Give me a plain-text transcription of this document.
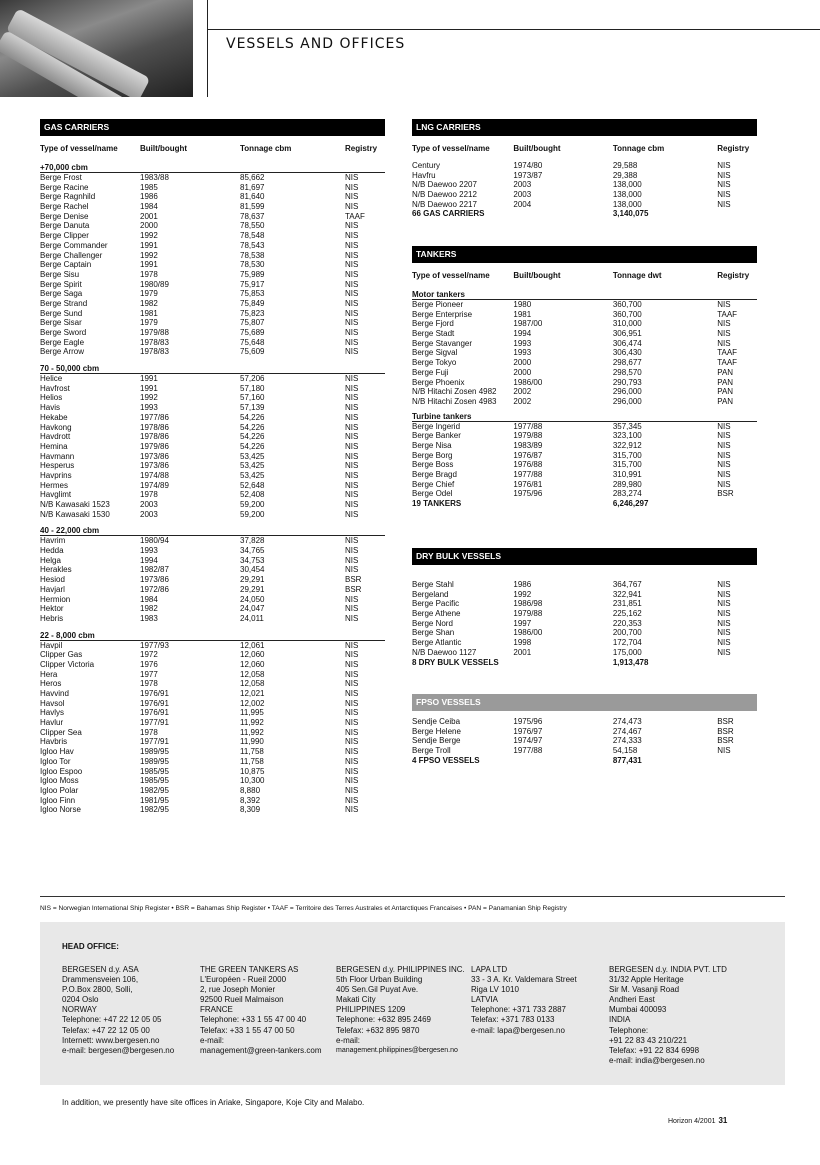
VESSELS AND OFFICES
GAS CARRIERS
Type of vessel/name	Built/bought	Tonnage cbm	Registry
+70,000 cbm
Berge Frost	1983/88	85,662	NIS
Berge Racine	1985	81,697	NIS
Berge Ragnhild	1986	81,640	NIS
Berge Rachel	1984	81,599	NIS
Berge Denise	2001	78,637	TAAF
Berge Danuta	2000	78,550	NIS
Berge Clipper	1992	78,548	NIS
Berge Commander	1991	78,543	NIS
Berge Challenger	1992	78,538	NIS
Berge Captain	1991	78,530	NIS
Berge Sisu	1978	75,989	NIS
Berge Spirit	1980/89	75,917	NIS
Berge Saga	1979	75,853	NIS
Berge Strand	1982	75,849	NIS
Berge Sund	1981	75,823	NIS
Berge Sisar	1979	75,807	NIS
Berge Sword	1979/88	75,689	NIS
Berge Eagle	1978/83	75,648	NIS
Berge Arrow	1978/83	75,609	NIS
70 - 50,000 cbm
Helice	1991	57,206	NIS
Havfrost	1991	57,180	NIS
Helios	1992	57,160	NIS
Havis	1993	57,139	NIS
Hekabe	1977/86	54,226	NIS
Havkong	1978/86	54,226	NIS
Havdrott	1978/86	54,226	NIS
Hemina	1979/86	54,226	NIS
Havmann	1973/86	53,425	NIS
Hesperus	1973/86	53,425	NIS
Havprins	1974/88	53,425	NIS
Hermes	1974/89	52,648	NIS
Havglimt	1978	52,408	NIS
N/B Kawasaki 1523	2003	59,200	NIS
N/B Kawasaki 1530	2003	59,200	NIS
40 - 22,000 cbm
Havrim	1980/94	37,828	NIS
Hedda	1993	34,765	NIS
Helga	1994	34,753	NIS
Herakles	1982/87	30,454	NIS
Hesiod	1973/86	29,291	BSR
Havjarl	1972/86	29,291	BSR
Hermion	1984	24,050	NIS
Hektor	1982	24,047	NIS
Hebris	1983	24,011	NIS
22 - 8,000 cbm
Havpil	1977/93	12,061	NIS
Clipper Gas	1972	12,060	NIS
Clipper Victoria	1976	12,060	NIS
Hera	1977	12,058	NIS
Heros	1978	12,058	NIS
Havvind	1976/91	12,021	NIS
Havsol	1976/91	12,002	NIS
Havlys	1976/91	11,995	NIS
Havlur	1977/91	11,992	NIS
Clipper Sea	1978	11,992	NIS
Havbris	1977/91	11,990	NIS
Igloo Hav	1989/95	11,758	NIS
Igloo Tor	1989/95	11,758	NIS
Igloo Espoo	1985/95	10,875	NIS
Igloo Moss	1985/95	10,300	NIS
Igloo Polar	1982/95	8,880	NIS
Igloo Finn	1981/95	8,392	NIS
Igloo Norse	1982/95	8,309	NIS
LNG CARRIERS
Type of vessel/name	Built/bought	Tonnage cbm	Registry
Century	1974/80	29,588	NIS
Havfru	1973/87	29,388	NIS
N/B Daewoo 2207	2003	138,000	NIS
N/B Daewoo 2212	2003	138,000	NIS
N/B Daewoo 2217	2004	138,000	NIS
66 GAS CARRIERS	3,140,075
TANKERS
Type of vessel/name	Built/bought	Tonnage dwt	Registry
Motor tankers
Berge Pioneer	1980	360,700	NIS
Berge Enterprise	1981	360,700	TAAF
Berge Fjord	1987/00	310,000	NIS
Berge Stadt	1994	306,951	NIS
Berge Stavanger	1993	306,474	NIS
Berge Sigval	1993	306,430	TAAF
Berge Tokyo	2000	298,677	TAAF
Berge Fuji	2000	298,570	PAN
Berge Phoenix	1986/00	290,793	PAN
N/B Hitachi Zosen 4982	2002	296,000	PAN
N/B Hitachi Zosen 4983	2002	296,000	PAN
Turbine tankers
Berge Ingerid	1977/88	357,345	NIS
Berge Banker	1979/88	323,100	NIS
Berge Nisa	1983/89	322,912	NIS
Berge Borg	1976/87	315,700	NIS
Berge Boss	1976/88	315,700	NIS
Berge Bragd	1977/88	310,991	NIS
Berge Chief	1976/81	289,980	NIS
Berge Odel	1975/96	283,274	BSR
19 TANKERS	6,246,297
DRY BULK VESSELS
Berge Stahl	1986	364,767	NIS
Bergeland	1992	322,941	NIS
Berge Pacific	1986/98	231,851	NIS
Berge Athene	1979/88	225,162	NIS
Berge Nord	1997	220,353	NIS
Berge Shan	1986/00	200,700	NIS
Berge Atlantic	1998	172,704	NIS
N/B Daewoo 1127	2001	175,000	NIS
8 DRY BULK VESSELS	1,913,478
FPSO VESSELS
Sendje Ceiba	1975/96	274,473	BSR
Berge Helene	1976/97	274,467	BSR
Sendje Berge	1974/97	274,333	BSR
Berge Troll	1977/88	54,158	NIS
4 FPSO VESSELS	877,431
NIS = Norwegian International Ship Register • BSR = Bahamas Ship Register • TAAF = Territoire des Terres Australes et Antarctiques Francaises • PAN = Panamanian Ship Registry
HEAD OFFICE:
BERGESEN d.y. ASA
Drammensveien 106,
P.O.Box 2800, Solli,
0204 Oslo
NORWAY
Telephone: +47 22 12 05 05
Telefax: +47 22 12 05 00
Internett: www.bergesen.no
e-mail: bergesen@bergesen.no
THE GREEN TANKERS AS
L'Européen - Rueil 2000
2, rue Joseph Monier
92500 Rueil Malmaison
FRANCE
Telephone: +33 1 55 47 00 40
Telefax: +33 1 55 47 00 50
e-mail:
management@green-tankers.com
BERGESEN d.y. PHILIPPINES INC.
5th Floor Urban Building
405 Sen.Gil Puyat Ave.
Makati City
PHILIPPINES 1209
Telephone: +632 895 2469
Telefax: +632 895 9870
e-mail:
management.philippines@bergesen.no
LAPA LTD
33 - 3 A. Kr. Valdemara Street
Riga LV 1010
LATVIA
Telephone: +371 733 2887
Telefax: +371 783 0133
e-mail: lapa@bergesen.no
BERGESEN d.y. INDIA PVT. LTD
31/32 Apple Heritage
Sir M. Vasanji Road
Andheri East
Mumbai 400093
INDIA
Telephone:
+91 22 83 43 210/221
Telefax: +91 22 834 6998
e-mail: india@bergesen.no
In addition, we presently have site offices in Ariake, Singapore, Koje City and Malabo.
Horizon 4/2001 31
